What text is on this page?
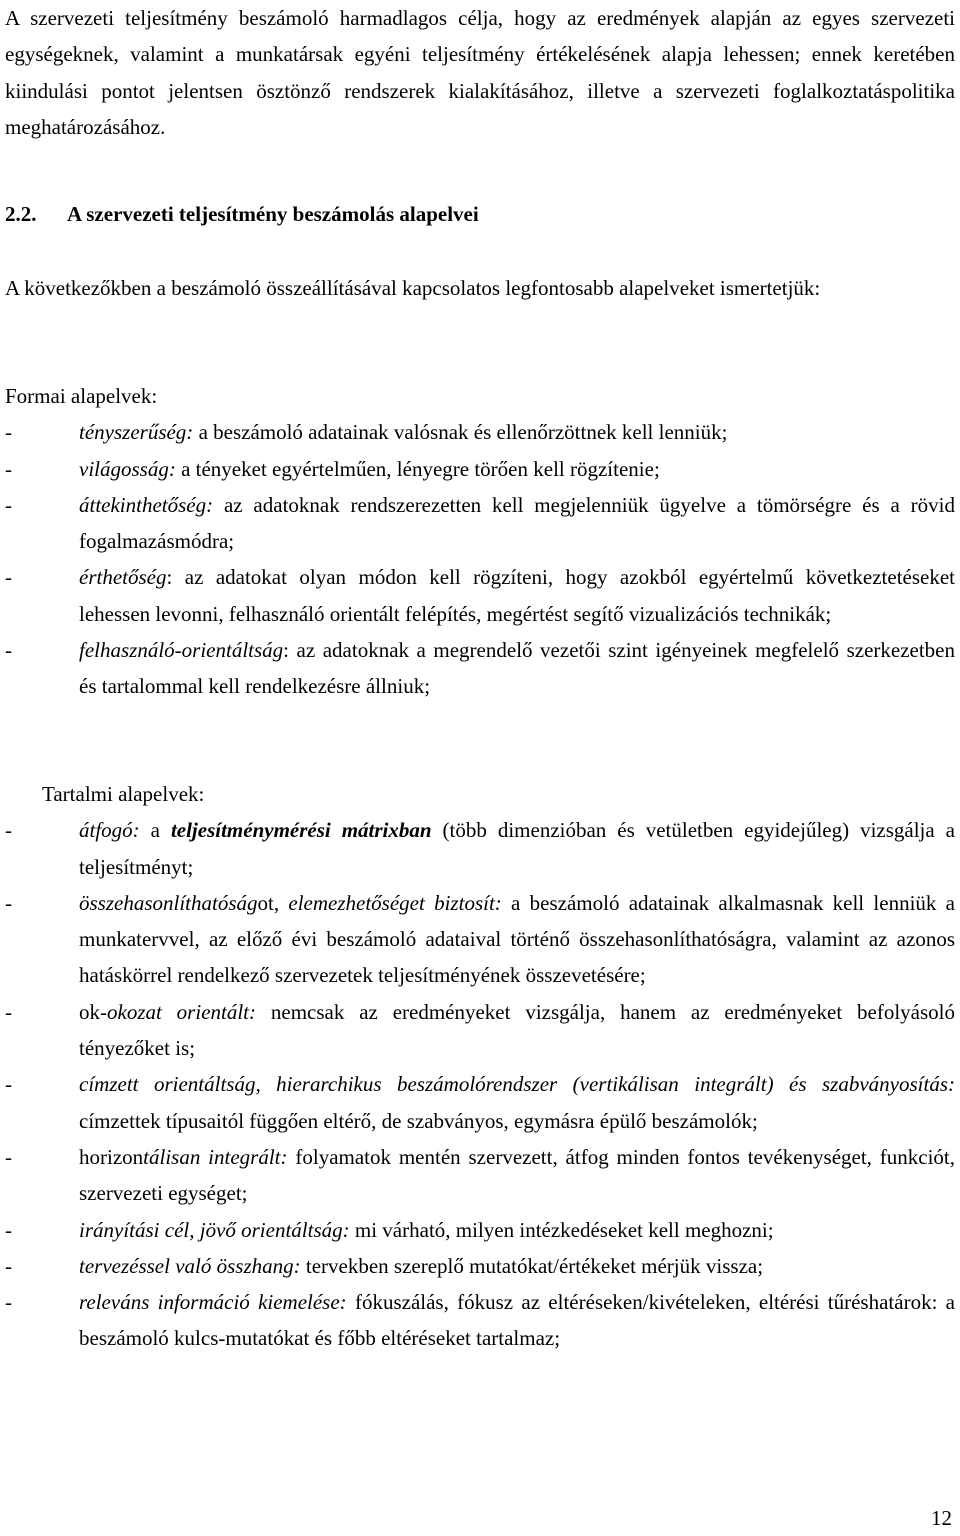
A szervezeti teljesítmény beszámoló harmadlagos célja, hogy az eredmények alapján az egyes szervezeti egységeknek, valamint a munkatársak egyéni teljesítmény értékelésének alapja lehessen; ennek keretében kiindulási pontot jelentsen ösztönző rendszerek kialakításához, illetve a szervezeti foglalkoztatáspolitika meghatározásához.

2.2. A szervezeti teljesítmény beszámolás alapelvei

A következőkben a beszámoló összeállításával kapcsolatos legfontosabb alapelveket ismertetjük:

Formai alapelvek:

-	tényszerűség: a beszámoló adatainak valósnak és ellenőrzöttnek kell lenniük;
-	világosság: a tényeket egyértelműen, lényegre törően kell rögzítenie;
-	áttekinthetőség: az adatoknak rendszerezetten kell megjelenniük ügyelve a tömörségre és a rövid fogalmazásmódra;
-	érthetőség: az adatokat olyan módon kell rögzíteni, hogy azokból egyértelmű következtetéseket lehessen levonni, felhasználó orientált felépítés, megértést segítő vizualizációs technikák;
-	felhasználó-orientáltság: az adatoknak a megrendelő vezetői szint igényeinek megfelelő szerkezetben és tartalommal kell rendelkezésre állniuk;

Tartalmi alapelvek:

-	átfogó: a teljesítménymérési mátrixban (több dimenzióban és vetületben egyidejűleg) vizsgálja a teljesítményt;
-	összehasonlíthatóságot, elemezhetőséget biztosít: a beszámoló adatainak alkalmasnak kell lenniük a munkatervvel, az előző évi beszámoló adataival történő összehasonlíthatóságra, valamint az azonos hatáskörrel rendelkező szervezetek teljesítményének összevetésére;
-	ok-okozat orientált: nemcsak az eredményeket vizsgálja, hanem az eredményeket befolyásoló tényezőket is;
-	címzett orientáltság, hierarchikus beszámolórendszer (vertikálisan integrált) és szabványosítás: címzettek típusaitól függően eltérő, de szabványos, egymásra épülő beszámolók;
-	horizontálisan integrált: folyamatok mentén szervezett, átfog minden fontos tevékenységet, funkciót, szervezeti egységet;
-	irányítási cél, jövő orientáltság: mi várható, milyen intézkedéseket kell meghozni;
-	tervezéssel való összhang: tervekben szereplő mutatókat/értékeket mérjük vissza;
-	releváns információ kiemelése: fókuszálás, fókusz az eltéréseken/kivételeken, eltérési tűréshatárok: a beszámoló kulcs-mutatókat és főbb eltéréseket tartalmaz;
12
